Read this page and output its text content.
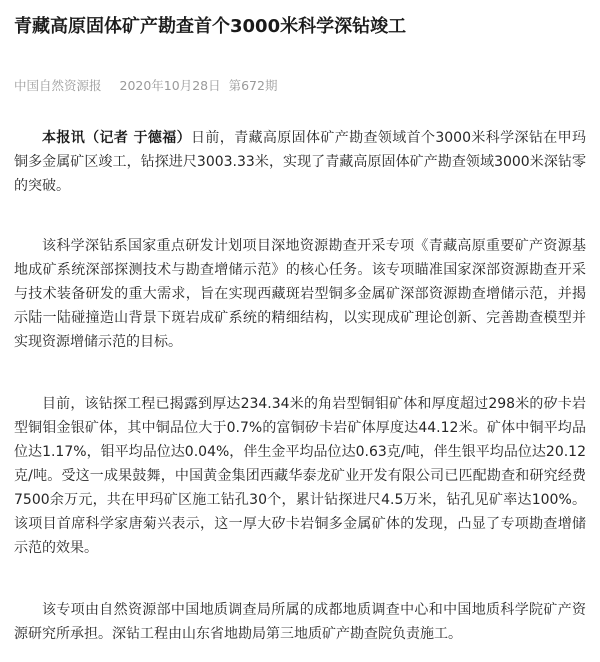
青藏高原固体矿产勘查首个3000米科学深钻竣工
中国自然资源报 2020年10月28日 第672期

本报讯（记者 于德福）日前，青藏高原固体矿产勘查领域首个3000米科学深钻在甲玛铜多金属矿区竣工，钻探进尺3003.33米，实现了青藏高原固体矿产勘查领域3000米深钻零的突破。

该科学深钻系国家重点研发计划项目深地资源勘查开采专项《青藏高原重要矿产资源基地成矿系统深部探测技术与勘查增储示范》的核心任务。该专项瞄准国家深部资源勘查开采与技术装备研发的重大需求，旨在实现西藏斑岩型铜多金属矿深部资源勘查增储示范，并揭示陆一陆碰撞造山背景下斑岩成矿系统的精细结构，以实现成矿理论创新、完善勘查模型并实现资源增储示范的目标。

目前，该钻探工程已揭露到厚达234.34米的角岩型铜钼矿体和厚度超过298米的矽卡岩型铜钼金银矿体，其中铜品位大于0.7%的富铜矽卡岩矿体厚度达44.12米。矿体中铜平均品位达1.17%，钼平均品位达0.04%，伴生金平均品位达0.63克/吨，伴生银平均品位达20.12克/吨。受这一成果鼓舞，中国黄金集团西藏华泰龙矿业开发有限公司已匹配勘查和研究经费7500余万元，共在甲玛矿区施工钻孔30个，累计钻探进尺4.5万米，钻孔见矿率达100%。该项目首席科学家唐菊兴表示，这一厚大矽卡岩铜多金属矿体的发现，凸显了专项勘查增储示范的效果。

该专项由自然资源部中国地质调查局所属的成都地质调查中心和中国地质科学院矿产资源研究所承担。深钻工程由山东省地勘局第三地质矿产勘查院负责施工。
